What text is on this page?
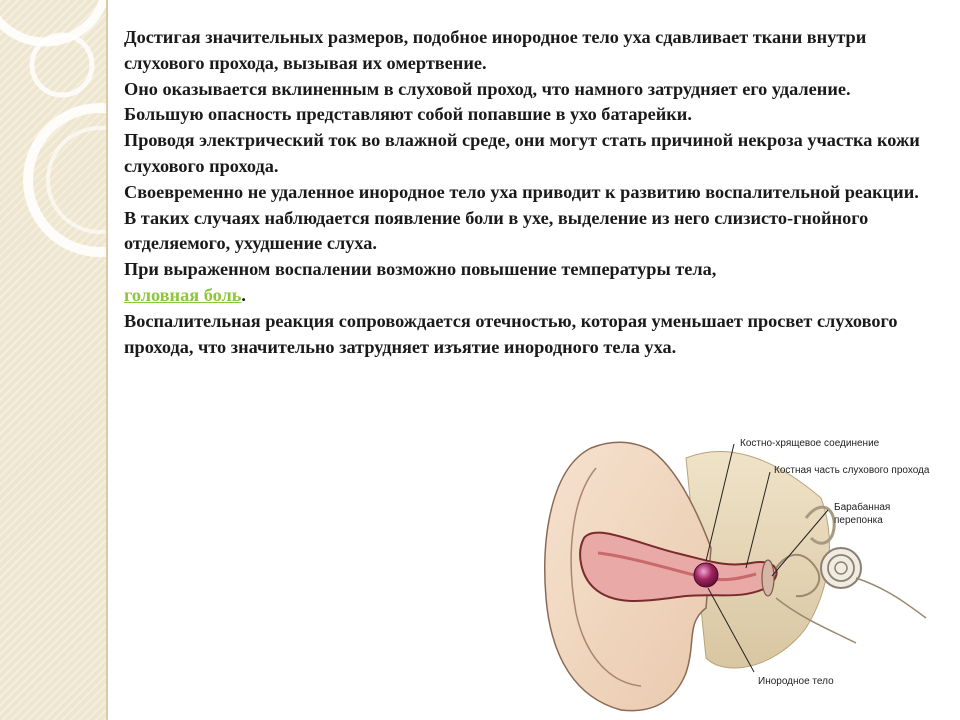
Достигая значительных размеров, подобное инородное тело уха сдавливает ткани внутри слухового прохода, вызывая их омертвение.

Оно оказывается вклиненным в слуховой проход, что намного затрудняет его удаление.

Большую опасность представляют собой попавшие в ухо батарейки.

Проводя электрический ток во влажной среде, они могут стать причиной некроза участка кожи слухового прохода.

Своевременно не удаленное инородное тело уха приводит к развитию воспалительной реакции.

В таких случаях наблюдается появление боли в ухе, выделение из него слизисто-гнойного отделяемого, ухудшение слуха.

При выраженном воспалении возможно повышение температуры тела,

головная боль.

Воспалительная реакция сопровождается отечностью, которая уменьшает просвет слухового прохода, что значительно затрудняет изъятие инородного тела уха.

Костно-хрящевое соединение
Костная часть слухового прохода
Барабанная
перепонка
Инородное тело
